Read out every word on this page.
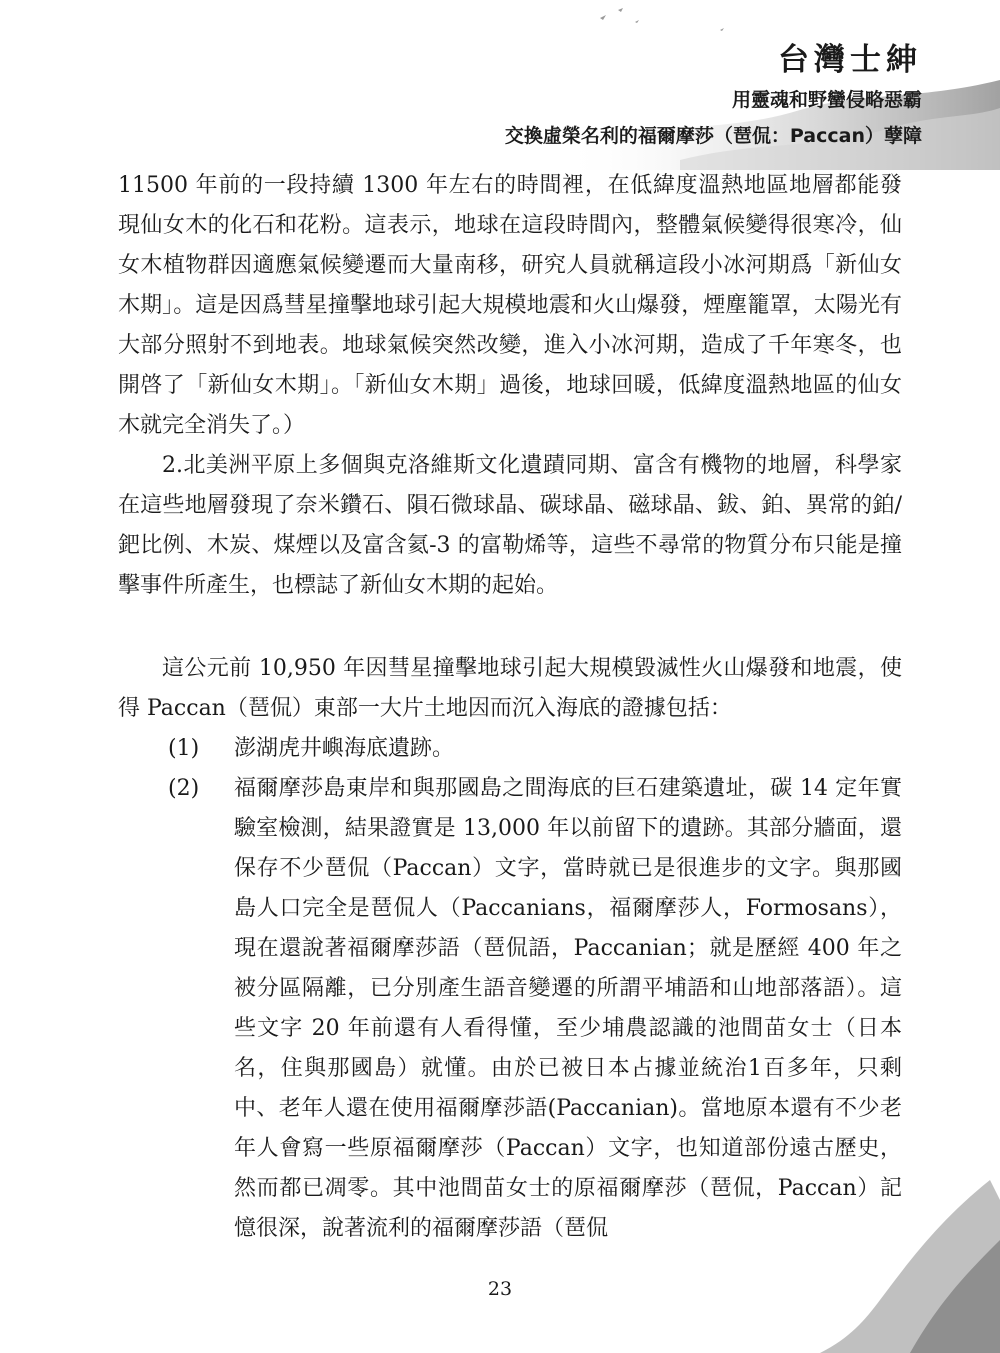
台灣士紳
用靈魂和野蠻侵略惡霸
交換虛榮名利的福爾摩莎（琶侃：Paccan）孽障

11500 年前的一段持續 1300 年左右的時間裡，在低緯度溫熱地區地層都能發現仙女木的化石和花粉。這表示，地球在這段時間內，整體氣候變得很寒冷，仙女木植物群因適應氣候變遷而大量南移，研究人員就稱這段小冰河期爲「新仙女木期」。這是因爲彗星撞擊地球引起大規模地震和火山爆發，煙塵籠罩，太陽光有大部分照射不到地表。地球氣候突然改變，進入小冰河期，造成了千年寒冬，也開啓了「新仙女木期」。「新仙女木期」過後，地球回暖，低緯度溫熱地區的仙女木就完全消失了。）

2.北美洲平原上多個與克洛維斯文化遺蹟同期、富含有機物的地層，科學家在這些地層發現了奈米鑽石、隕石微球晶、碳球晶、磁球晶、鈸、鉑、異常的鉑/鈀比例、木炭、煤煙以及富含氦-3 的富勒烯等，這些不尋常的物質分布只能是撞擊事件所產生，也標誌了新仙女木期的起始。

這公元前 10,950 年因彗星撞擊地球引起大規模毀滅性火山爆發和地震，使得 Paccan（琶侃）東部一大片土地因而沉入海底的證據包括：

(1)	澎湖虎井嶼海底遺跡。
(2)	福爾摩莎島東岸和與那國島之間海底的巨石建築遺址，碳 14 定年實驗室檢測，結果證實是 13,000 年以前留下的遺跡。其部分牆面，還保存不少琶侃（Paccan）文字，當時就已是很進步的文字。與那國島人口完全是琶侃人（Paccanians，福爾摩莎人，Formosans），現在還說著福爾摩莎語（琶侃語，Paccanian；就是歷經 400 年之被分區隔離，已分別產生語音變遷的所謂平埔語和山地部落語）。這些文字 20 年前還有人看得懂，至少埔農認識的池間苗女士（日本名，住與那國島）就懂。由於已被日本占據並統治1百多年，只剩中、老年人還在使用福爾摩莎語(Paccanian)。當地原本還有不少老年人會寫一些原福爾摩莎（Paccan）文字，也知道部份遠古歷史，然而都已凋零。其中池間苗女士的原福爾摩莎（琶侃，Paccan）記憶很深，說著流利的福爾摩莎語（琶侃
23
